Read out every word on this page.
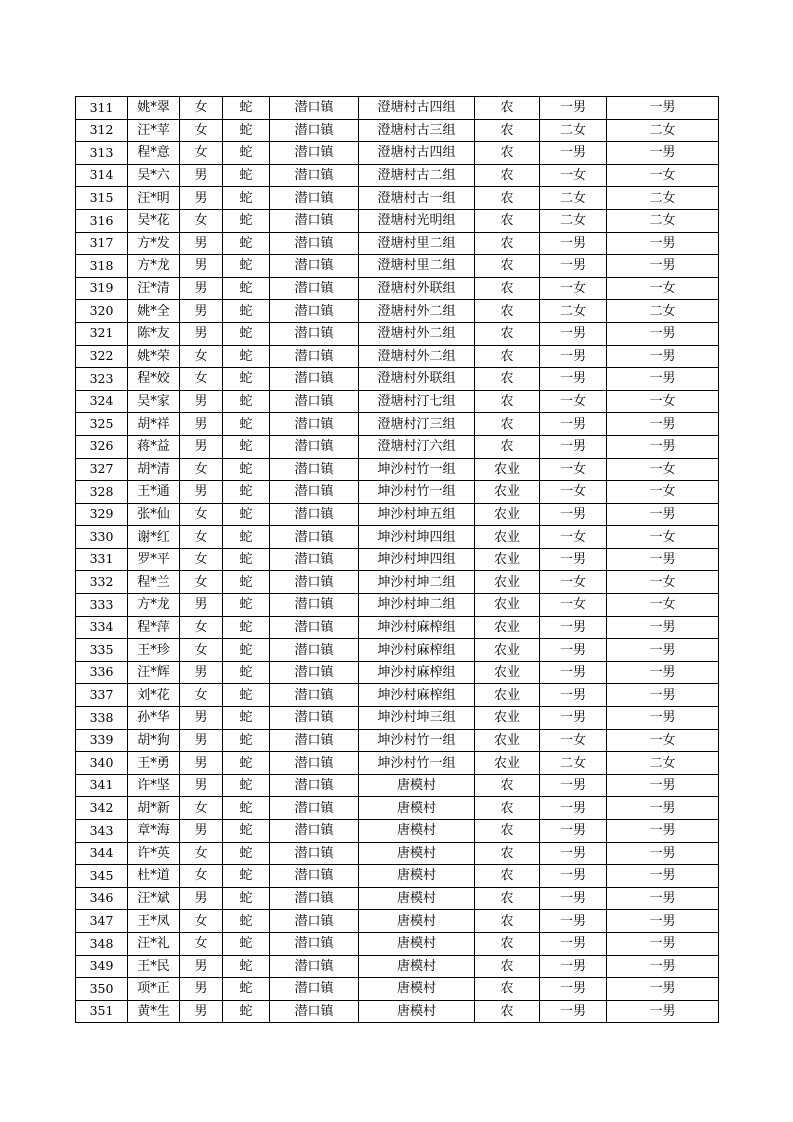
311	姚*翠	女	蛇	潜口镇	澄塘村古四组	农	一男	一男
312	汪*苹	女	蛇	潜口镇	澄塘村古三组	农	二女	二女
313	程*意	女	蛇	潜口镇	澄塘村古四组	农	一男	一男
314	吴*六	男	蛇	潜口镇	澄塘村古二组	农	一女	一女
315	汪*明	男	蛇	潜口镇	澄塘村古一组	农	二女	二女
316	吴*花	女	蛇	潜口镇	澄塘村光明组	农	二女	二女
317	方*发	男	蛇	潜口镇	澄塘村里二组	农	一男	一男
318	方*龙	男	蛇	潜口镇	澄塘村里二组	农	一男	一男
319	汪*清	男	蛇	潜口镇	澄塘村外联组	农	一女	一女
320	姚*全	男	蛇	潜口镇	澄塘村外二组	农	二女	二女
321	陈*友	男	蛇	潜口镇	澄塘村外二组	农	一男	一男
322	姚*荣	女	蛇	潜口镇	澄塘村外二组	农	一男	一男
323	程*姣	女	蛇	潜口镇	澄塘村外联组	农	一男	一男
324	吴*家	男	蛇	潜口镇	澄塘村汀七组	农	一女	一女
325	胡*祥	男	蛇	潜口镇	澄塘村汀三组	农	一男	一男
326	蒋*益	男	蛇	潜口镇	澄塘村汀六组	农	一男	一男
327	胡*清	女	蛇	潜口镇	坤沙村竹一组	农业	一女	一女
328	王*通	男	蛇	潜口镇	坤沙村竹一组	农业	一女	一女
329	张*仙	女	蛇	潜口镇	坤沙村坤五组	农业	一男	一男
330	谢*红	女	蛇	潜口镇	坤沙村坤四组	农业	一女	一女
331	罗*平	女	蛇	潜口镇	坤沙村坤四组	农业	一男	一男
332	程*兰	女	蛇	潜口镇	坤沙村坤二组	农业	一女	一女
333	方*龙	男	蛇	潜口镇	坤沙村坤二组	农业	一女	一女
334	程*萍	女	蛇	潜口镇	坤沙村麻榨组	农业	一男	一男
335	王*珍	女	蛇	潜口镇	坤沙村麻榨组	农业	一男	一男
336	汪*辉	男	蛇	潜口镇	坤沙村麻榨组	农业	一男	一男
337	刘*花	女	蛇	潜口镇	坤沙村麻榨组	农业	一男	一男
338	孙*华	男	蛇	潜口镇	坤沙村坤三组	农业	一男	一男
339	胡*狗	男	蛇	潜口镇	坤沙村竹一组	农业	一女	一女
340	王*勇	男	蛇	潜口镇	坤沙村竹一组	农业	二女	二女
341	许*坚	男	蛇	潜口镇	唐模村	农	一男	一男
342	胡*新	女	蛇	潜口镇	唐模村	农	一男	一男
343	章*海	男	蛇	潜口镇	唐模村	农	一男	一男
344	许*英	女	蛇	潜口镇	唐模村	农	一男	一男
345	杜*道	女	蛇	潜口镇	唐模村	农	一男	一男
346	汪*斌	男	蛇	潜口镇	唐模村	农	一男	一男
347	王*凤	女	蛇	潜口镇	唐模村	农	一男	一男
348	汪*礼	女	蛇	潜口镇	唐模村	农	一男	一男
349	王*民	男	蛇	潜口镇	唐模村	农	一男	一男
350	项*正	男	蛇	潜口镇	唐模村	农	一男	一男
351	黄*生	男	蛇	潜口镇	唐模村	农	一男	一男
